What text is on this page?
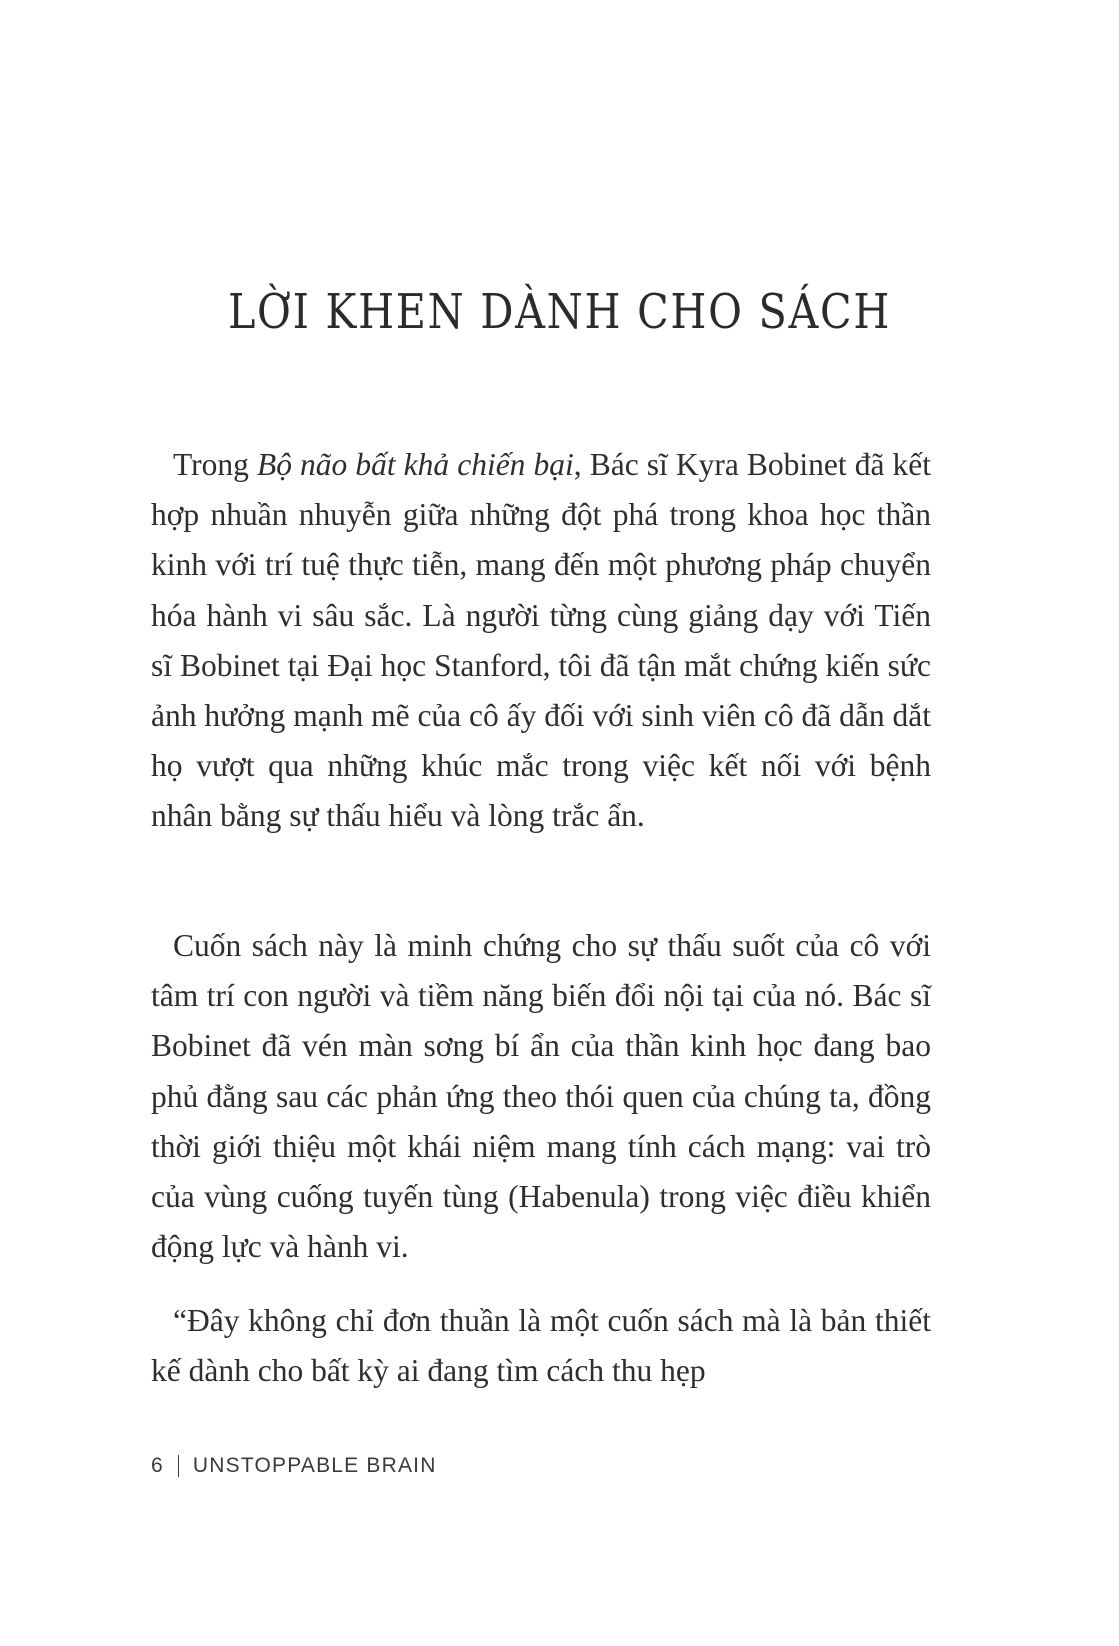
LỜI KHEN DÀNH CHO SÁCH

Trong Bộ não bất khả chiến bại, Bác sĩ Kyra Bobinet đã kết hợp nhuần nhuyễn giữa những đột phá trong khoa học thần kinh với trí tuệ thực tiễn, mang đến một phương pháp chuyển hóa hành vi sâu sắc. Là người từng cùng giảng dạy với Tiến sĩ Bobinet tại Đại học Stanford, tôi đã tận mắt chứng kiến sức ảnh hưởng mạnh mẽ của cô ấy đối với sinh viên cô đã dẫn dắt họ vượt qua những khúc mắc trong việc kết nối với bệnh nhân bằng sự thấu hiểu và lòng trắc ẩn.

Cuốn sách này là minh chứng cho sự thấu suốt của cô với tâm trí con người và tiềm năng biến đổi nội tại của nó. Bác sĩ Bobinet đã vén màn sơng bí ẩn của thần kinh học đang bao phủ đằng sau các phản ứng theo thói quen của chúng ta, đồng thời giới thiệu một khái niệm mang tính cách mạng: vai trò của vùng cuống tuyến tùng (Habenula) trong việc điều khiển động lực và hành vi.

“Đây không chỉ đơn thuần là một cuốn sách mà là bản thiết kế dành cho bất kỳ ai đang tìm cách thu hẹp

6 UNSTOPPABLE BRAIN
